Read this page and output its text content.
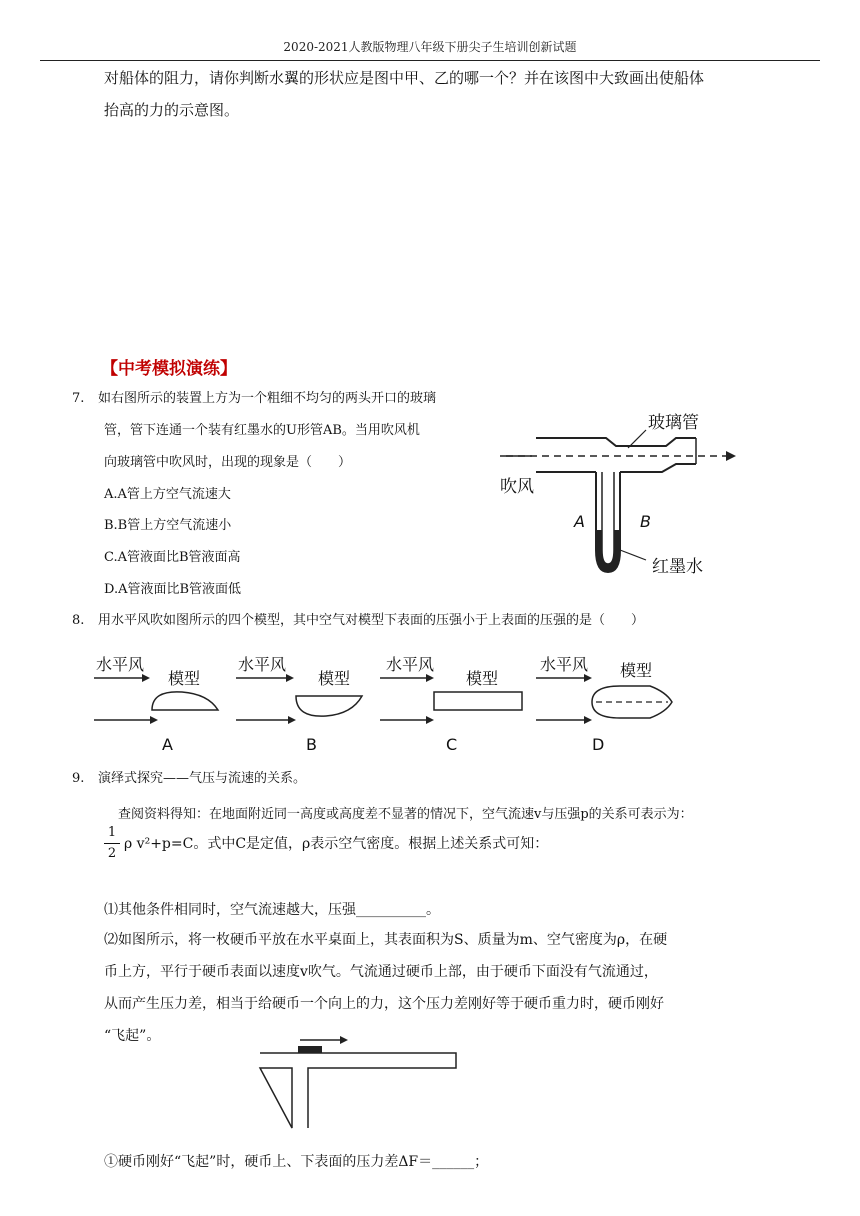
2020-2021人教版物理八年级下册尖子生培训创新试题
对船体的阻力，请你判断水翼的形状应是图中甲、乙的哪一个？并在该图中大致画出使船体
抬高的力的示意图。
【中考模拟演练】
7. 如右图所示的装置上方为一个粗细不均匀的两头开口的玻璃
管，管下连通一个装有红墨水的U形管AB。当用吹风机
向玻璃管中吹风时，出现的现象是（　　）
A.A管上方空气流速大
B.B管上方空气流速小
C.A管液面比B管液面高
D.A管液面比B管液面低
玻璃管
吹风
A	B
红墨水
8. 用水平风吹如图所示的四个模型，其中空气对模型下表面的压强小于上表面的压强的是（　　）
水平风
模型
A
水平风
模型
B
水平风
模型
C
水平风 模型
D
9. 演绎式探究——气压与流速的关系。
查阅资料得知：在地面附近同一高度或高度差不显著的情况下，空气流速v与压强p的关系可表示为：
1
2
ρ v²+p=C。式中C是定值，ρ表示空气密度。根据上述关系式可知：
⑴其他条件相同时，空气流速越大，压强__________。
⑵如图所示，将一枚硬币平放在水平桌面上，其表面积为S、质量为m、空气密度为ρ，在硬
币上方，平行于硬币表面以速度v吹气。气流通过硬币上部，由于硬币下面没有气流通过，
从而产生压力差，相当于给硬币一个向上的力，这个压力差刚好等于硬币重力时，硬币刚好
“飞起”。
①硬币刚好“飞起”时，硬币上、下表面的压力差ΔF＝______；
